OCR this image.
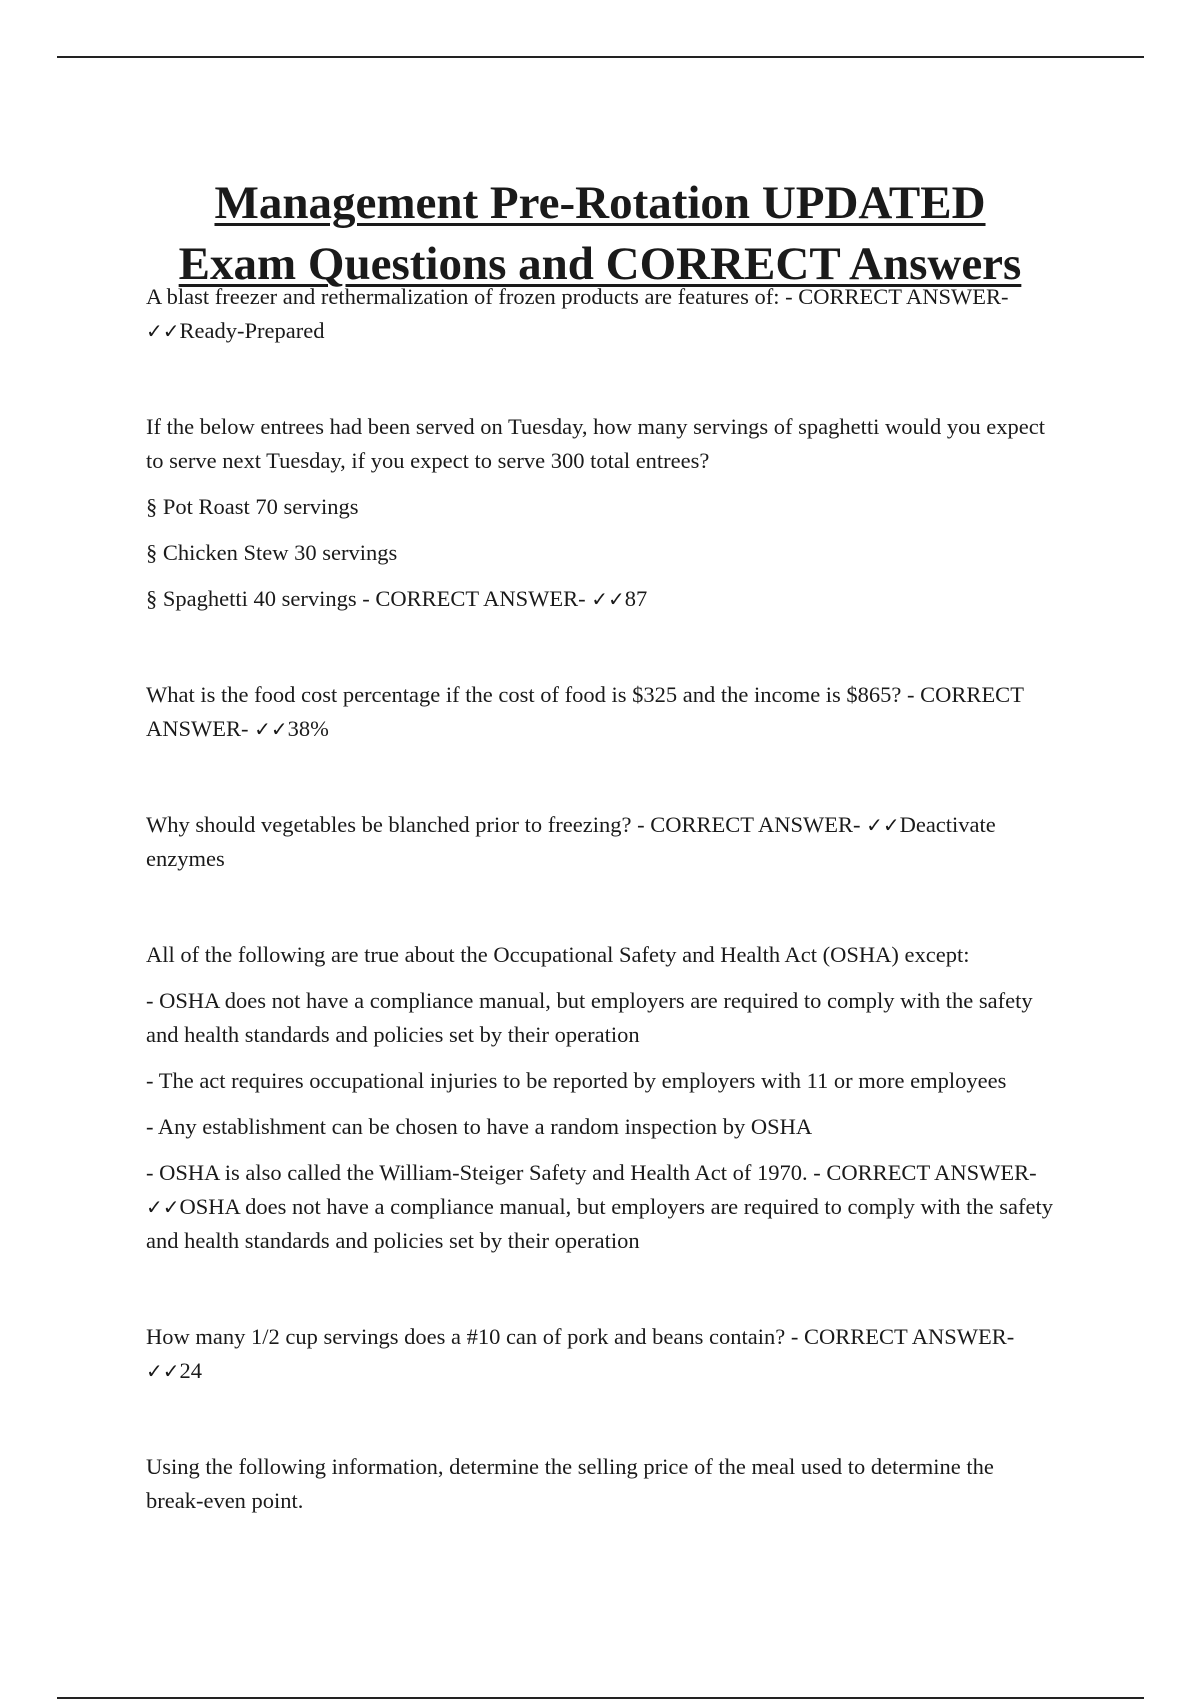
Management Pre-Rotation UPDATED
Exam Questions and CORRECT Answers

A blast freezer and rethermalization of frozen products are features of: - CORRECT ANSWER- ✓✓Ready-Prepared

If the below entrees had been served on Tuesday, how many servings of spaghetti would you expect to serve next Tuesday, if you expect to serve 300 total entrees?

§ Pot Roast 70 servings

§ Chicken Stew 30 servings

§ Spaghetti 40 servings - CORRECT ANSWER- ✓✓87

What is the food cost percentage if the cost of food is $325 and the income is $865? - CORRECT ANSWER- ✓✓38%

Why should vegetables be blanched prior to freezing? - CORRECT ANSWER- ✓✓Deactivate enzymes

All of the following are true about the Occupational Safety and Health Act (OSHA) except:

- OSHA does not have a compliance manual, but employers are required to comply with the safety and health standards and policies set by their operation

- The act requires occupational injuries to be reported by employers with 11 or more employees

- Any establishment can be chosen to have a random inspection by OSHA

- OSHA is also called the William-Steiger Safety and Health Act of 1970. - CORRECT ANSWER- ✓✓OSHA does not have a compliance manual, but employers are required to comply with the safety and health standards and policies set by their operation

How many 1/2 cup servings does a #10 can of pork and beans contain? - CORRECT ANSWER- ✓✓24

Using the following information, determine the selling price of the meal used to determine the break-even point.
